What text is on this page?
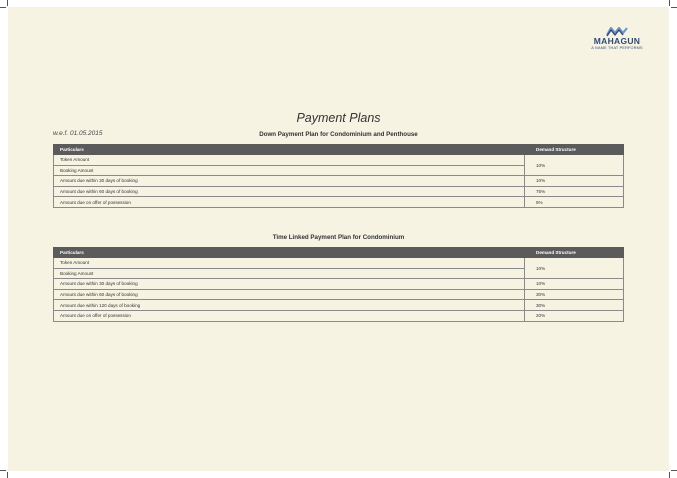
MAHAGUN
A NAME THAT PERFORMS
Payment Plans
w.e.f. 01.05.2015	Down Payment Plan for Condominium and Penthouse
Particulars	Demand Structure
Token Amount	10%
Booking Amount	
Amount due within 30 days of booking	10%
Amount due within 60 days of booking	75%
Amount due on offer of possession	5%
Time Linked Payment Plan for Condominium
Particulars	Demand Structure
Token Amount	10%
Booking Amount	
Amount due within 30 days of booking	10%
Amount due within 60 days of booking	30%
Amount due within 120 days of booking	30%
Amount due on offer of possession	20%
